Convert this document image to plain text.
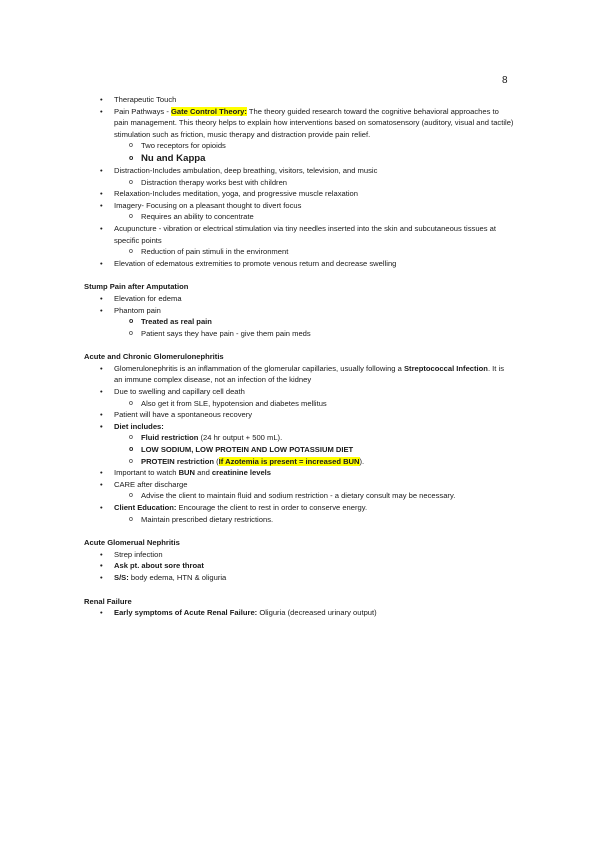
8
• Therapeutic Touch
• Pain Pathways - Gate Control Theory: The theory guided research toward the cognitive behavioral approaches to pain management. This theory helps to explain how interventions based on somatosensory (auditory, visual and tactile) stimulation such as friction, music therapy and distraction provide pain relief.
o Two receptors for opioids
o Nu and Kappa
• Distraction-Includes ambulation, deep breathing, visitors, television, and music
o Distraction therapy works best with children
• Relaxation-Includes meditation, yoga, and progressive muscle relaxation
• Imagery- Focusing on a pleasant thought to divert focus
o Requires an ability to concentrate
• Acupuncture - vibration or electrical stimulation via tiny needles inserted into the skin and subcutaneous tissues at specific points
o Reduction of pain stimuli in the environment
• Elevation of edematous extremities to promote venous return and decrease swelling
Stump Pain after Amputation
• Elevation for edema
• Phantom pain
o Treated as real pain
o Patient says they have pain - give them pain meds
Acute and Chronic Glomerulonephritis
• Glomerulonephritis is an inflammation of the glomerular capillaries, usually following a Streptococcal Infection. It is an immune complex disease, not an infection of the kidney
• Due to swelling and capillary cell death
o Also get it from SLE, hypotension and diabetes mellitus
• Patient will have a spontaneous recovery
• Diet includes:
o Fluid restriction (24 hr output + 500 mL).
o LOW SODIUM, LOW PROTEIN AND LOW POTASSIUM DIET
o PROTEIN restriction (If Azotemia is present = increased BUN).
• Important to watch BUN and creatinine levels
• CARE after discharge
o Advise the client to maintain fluid and sodium restriction - a dietary consult may be necessary.
• Client Education: Encourage the client to rest in order to conserve energy.
o Maintain prescribed dietary restrictions.
Acute Glomerual Nephritis
• Strep infection
• Ask pt. about sore throat
• S/S: body edema, HTN & oliguria
Renal Failure
• Early symptoms of Acute Renal Failure: Oliguria (decreased urinary output)
